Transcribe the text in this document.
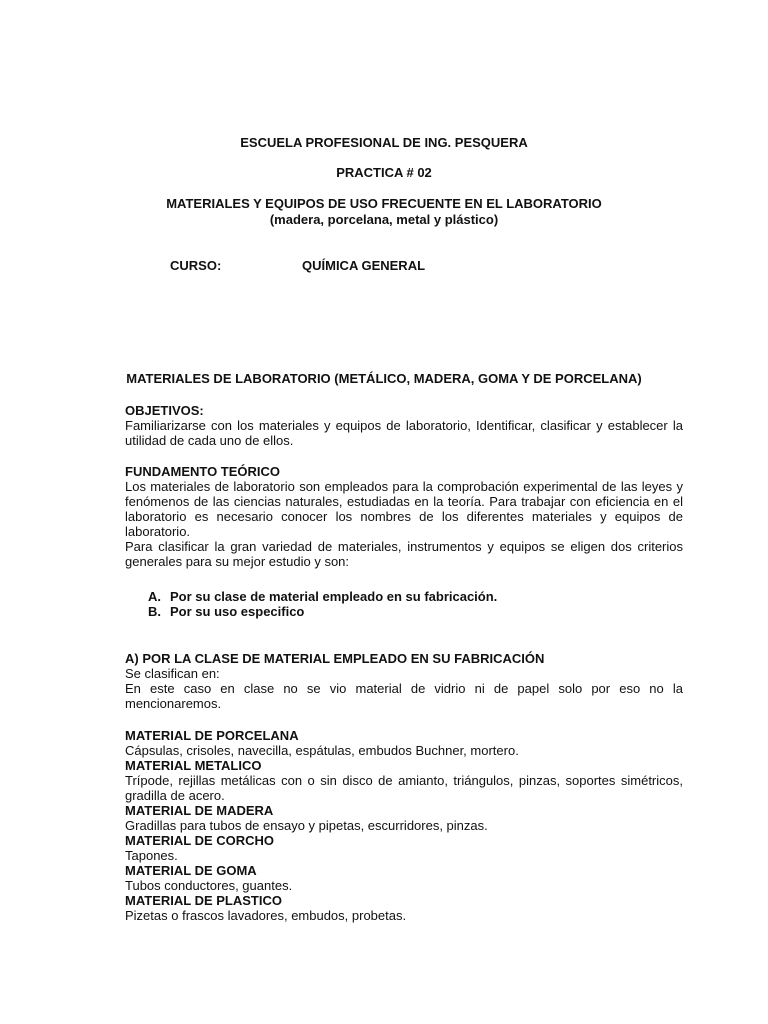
ESCUELA PROFESIONAL DE ING. PESQUERA
PRACTICA # 02
MATERIALES Y EQUIPOS DE USO FRECUENTE EN EL LABORATORIO
(madera, porcelana, metal y plástico)
CURSO:	QUÍMICA GENERAL
MATERIALES DE LABORATORIO (METÁLICO, MADERA, GOMA Y DE PORCELANA)

OBJETIVOS:

Familiarizarse con los materiales y equipos de laboratorio, Identificar, clasificar y establecer la utilidad de cada uno de ellos.

FUNDAMENTO TEÓRICO

Los materiales de laboratorio son empleados para la comprobación experimental de las leyes y fenómenos de las ciencias naturales, estudiadas en la teoría. Para trabajar con eficiencia en el laboratorio es necesario conocer los nombres de los diferentes materiales y equipos de laboratorio.

Para clasificar la gran variedad de materiales, instrumentos y equipos se eligen dos criterios generales para su mejor estudio y son:

A. Por su clase de material empleado en su fabricación.
B. Por su uso especifico

A) POR LA CLASE DE MATERIAL EMPLEADO EN SU FABRICACIÓN

Se clasifican en:

En este caso en clase no se vio material de vidrio ni de papel solo por eso no la mencionaremos.

MATERIAL DE PORCELANA

Cápsulas, crisoles, navecilla, espátulas, embudos Buchner, mortero.

MATERIAL METALICO

Trípode, rejillas metálicas con o sin disco de amianto, triángulos, pinzas, soportes simétricos, gradilla de acero.

MATERIAL DE MADERA

Gradillas para tubos de ensayo y pipetas, escurridores, pinzas.

MATERIAL DE CORCHO

Tapones.

MATERIAL DE GOMA

Tubos conductores, guantes.

MATERIAL DE PLASTICO

Pizetas o frascos lavadores, embudos, probetas.
